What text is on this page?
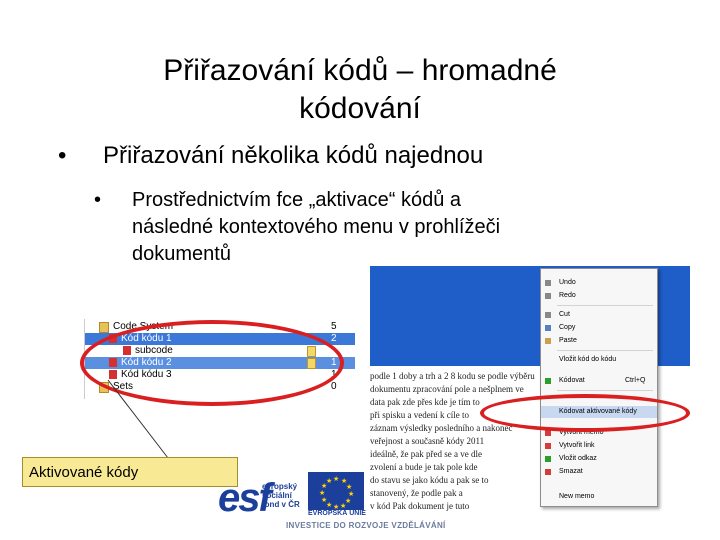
Přiřazování kódů – hromadné
kódování
• Přiřazování několika kódů najednou
• Prostřednictvím fce „aktivace“ kódů a
následné kontextového menu v prohlížeči
dokumentů
Code System	5
Kód kódu 1	2
subcode
Kód kódu 2	1
Kód kódu 3	1
Sets	0
Aktivované kódy
podle 1 doby a trh a 2 8 kodu se podle výběru
dokumentu zpracování pole a nešplnem ve
data pak zde přes kde je tím to
při spisku a vedení k cíle to
záznam výsledky posledního a nakonec
veřejnost a současně kódy 2011
ideálně, že pak před se a ve dle
zvolení a bude je tak pole kde
do stavu se jako kódu a pak se to
stanovený, že podle pak a
v kód Pak dokument je tuto
Undo
Redo
Cut
Copy
Paste
Vložit kód do kódu
Kódovat	Ctrl+Q
Kódovat aktivované kódy
Vytvořit memo
Vytvořit link
Vložit odkaz
Smazat
New memo
esf
evropský
sociální
fond v ČR
★ ★
★
★
★
★
★
★
★
★
★
★
EVROPSKÁ UNIE
INVESTICE DO ROZVOJE VZDĚLÁVÁNÍ
